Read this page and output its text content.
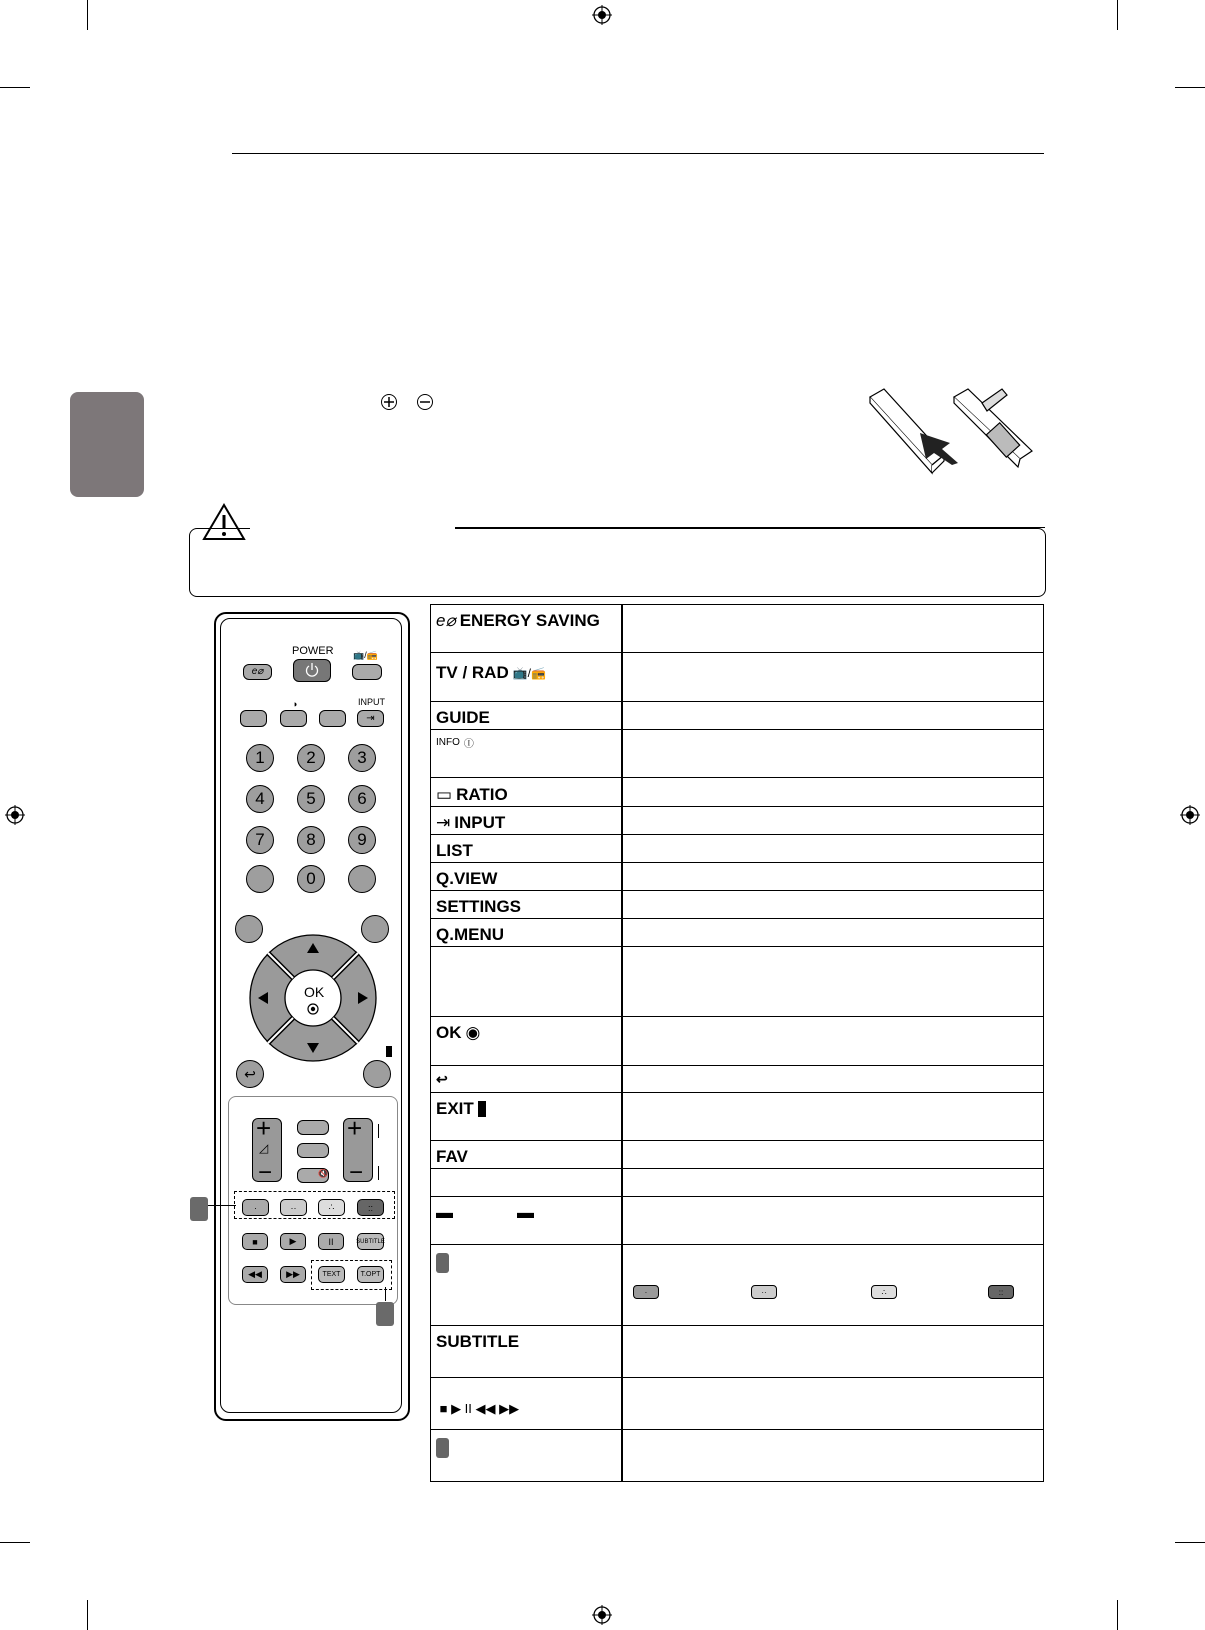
POWER
e⌀
📺/📻
◑	INPUT
⇥
1	2	3
4	5	6
7	8	9
0
OK
↩
+
◿
−	🔇
+
−
·	··	∴	::
■	▶	II	SUBTITLE
◀◀	▶▶	TEXT	T.OPT
e⌀ ENERGY SAVING
TV / RAD 📺/📻
GUIDE
INFO Ⓘ
▭ RATIO
⇥ INPUT
LIST
Q.VIEW
SETTINGS
Q.MENU
OK ◉
↩
EXIT
FAV
▬	▬
·	··	∴	::
SUBTITLE
■ ▶ II ◀◀ ▶▶
